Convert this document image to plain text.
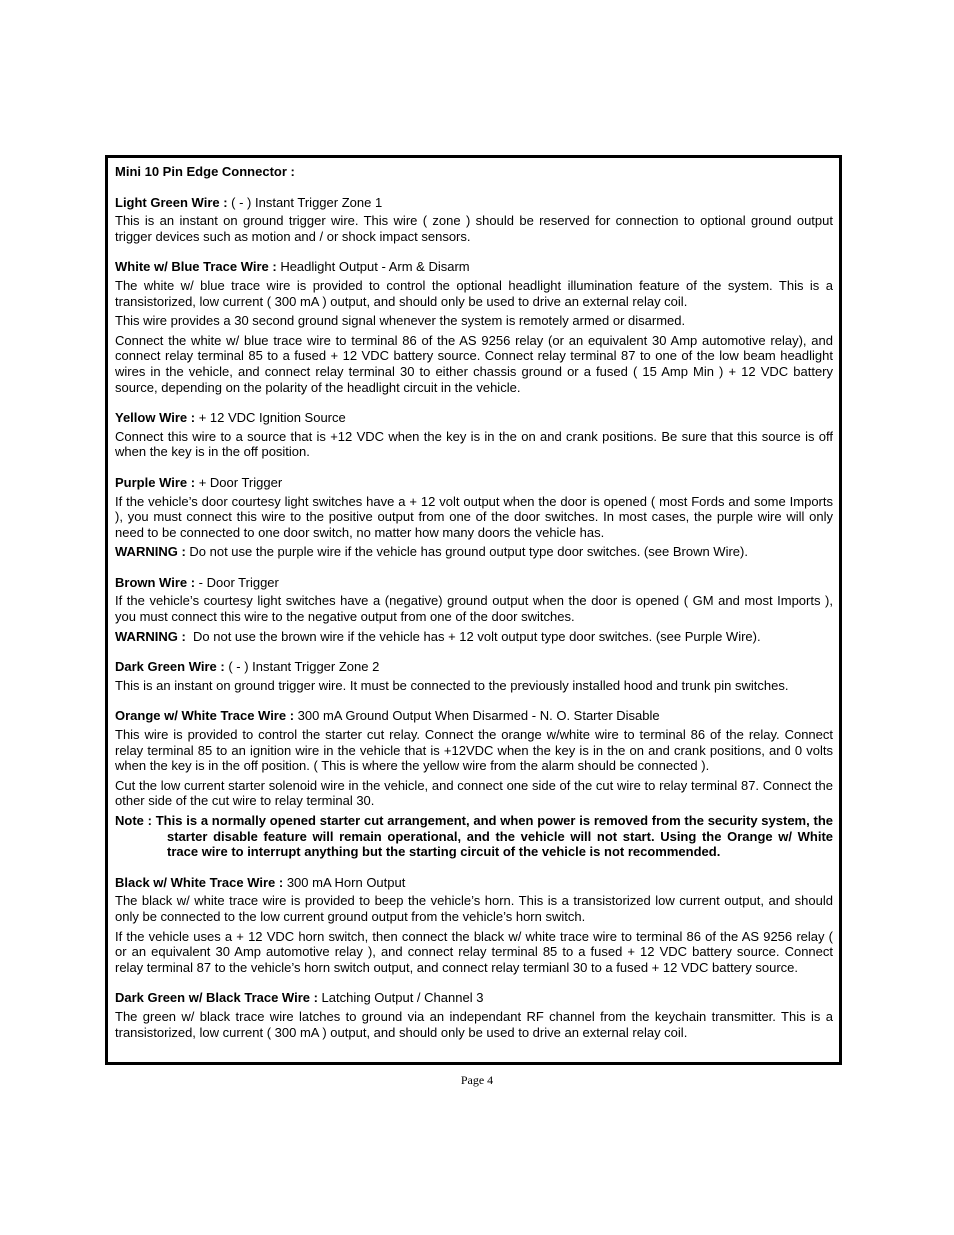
Mini 10 Pin Edge Connector :

Light Green Wire : ( - ) Instant Trigger Zone 1

This is an instant on ground trigger wire. This wire ( zone ) should be reserved for connection to optional ground output trigger devices such as motion and / or shock impact sensors.

White w/ Blue Trace Wire : Headlight Output - Arm & Disarm

The white w/ blue trace wire is provided to control the optional headlight illumination feature of the system. This is a transistorized, low current ( 300 mA ) output, and should only be used to drive an external relay coil.

This wire provides a 30 second ground signal whenever the system is remotely armed or disarmed.

Connect the white w/ blue trace wire to terminal 86 of the AS 9256 relay (or an equivalent 30 Amp automotive relay), and connect relay terminal 85 to a fused + 12 VDC battery source. Connect relay terminal 87 to one of the low beam headlight wires in the vehicle, and connect relay terminal 30 to either chassis ground or a fused ( 15 Amp Min ) + 12 VDC battery source, depending on the polarity of the headlight circuit in the vehicle.

Yellow Wire : + 12 VDC Ignition Source

Connect this wire to a source that is +12 VDC when the key is in the on and crank positions. Be sure that this source is off when the key is in the off position.

Purple Wire : + Door Trigger

If the vehicle’s door courtesy light switches have a + 12 volt output when the door is opened ( most Fords and some Imports ), you must connect this wire to the positive output from one of the door switches. In most cases, the purple wire will only need to be connected to one door switch, no matter how many doors the vehicle has.

WARNING : Do not use the purple wire if the vehicle has ground output type door switches. (see Brown Wire).

Brown Wire : - Door Trigger

If the vehicle’s courtesy light switches have a (negative) ground output when the door is opened ( GM and most Imports ), you must connect this wire to the negative output from one of the door switches.

WARNING :  Do not use the brown wire if the vehicle has + 12 volt output type door switches. (see Purple Wire).

Dark Green Wire : ( - ) Instant Trigger Zone 2

This is an instant on ground trigger wire. It must be connected to the previously installed hood and trunk pin switches.

Orange w/ White Trace Wire : 300 mA Ground Output When Disarmed - N. O. Starter Disable

This wire is provided to control the starter cut relay. Connect the orange w/white wire to terminal 86 of the relay. Connect relay terminal 85 to an ignition wire in the vehicle that is +12VDC when the key is in the on and crank positions, and 0 volts when the key is in the off position. ( This is where the yellow wire from the alarm should be connected ).

Cut the low current starter solenoid wire in the vehicle, and connect one side of the cut wire to relay terminal 87. Connect the other side of the cut wire to relay terminal 30.

Note : This is a normally opened starter cut arrangement, and when power is removed from the security system, the starter disable feature will remain operational, and the vehicle will not start. Using the Orange w/ White trace wire to interrupt anything but the starting circuit of the vehicle is not recommended.

Black w/ White Trace Wire : 300 mA Horn Output

The black w/ white trace wire is provided to beep the vehicle’s horn. This is a transistorized low current output, and should only be connected to the low current ground output from the vehicle’s horn switch.

If the vehicle uses a + 12 VDC horn switch, then connect the black w/ white trace wire to terminal 86 of the AS 9256 relay ( or an equivalent 30 Amp automotive relay ), and connect relay terminal 85 to a fused + 12 VDC battery source. Connect relay terminal 87 to the vehicle’s horn switch output, and connect relay termianl 30 to a fused + 12 VDC battery source.

Dark Green w/ Black Trace Wire : Latching Output / Channel 3

The green w/ black trace wire latches to ground via an independant RF channel from the keychain transmitter. This is a transistorized, low current ( 300 mA ) output, and should only be used to drive an external relay coil.

Page 4
